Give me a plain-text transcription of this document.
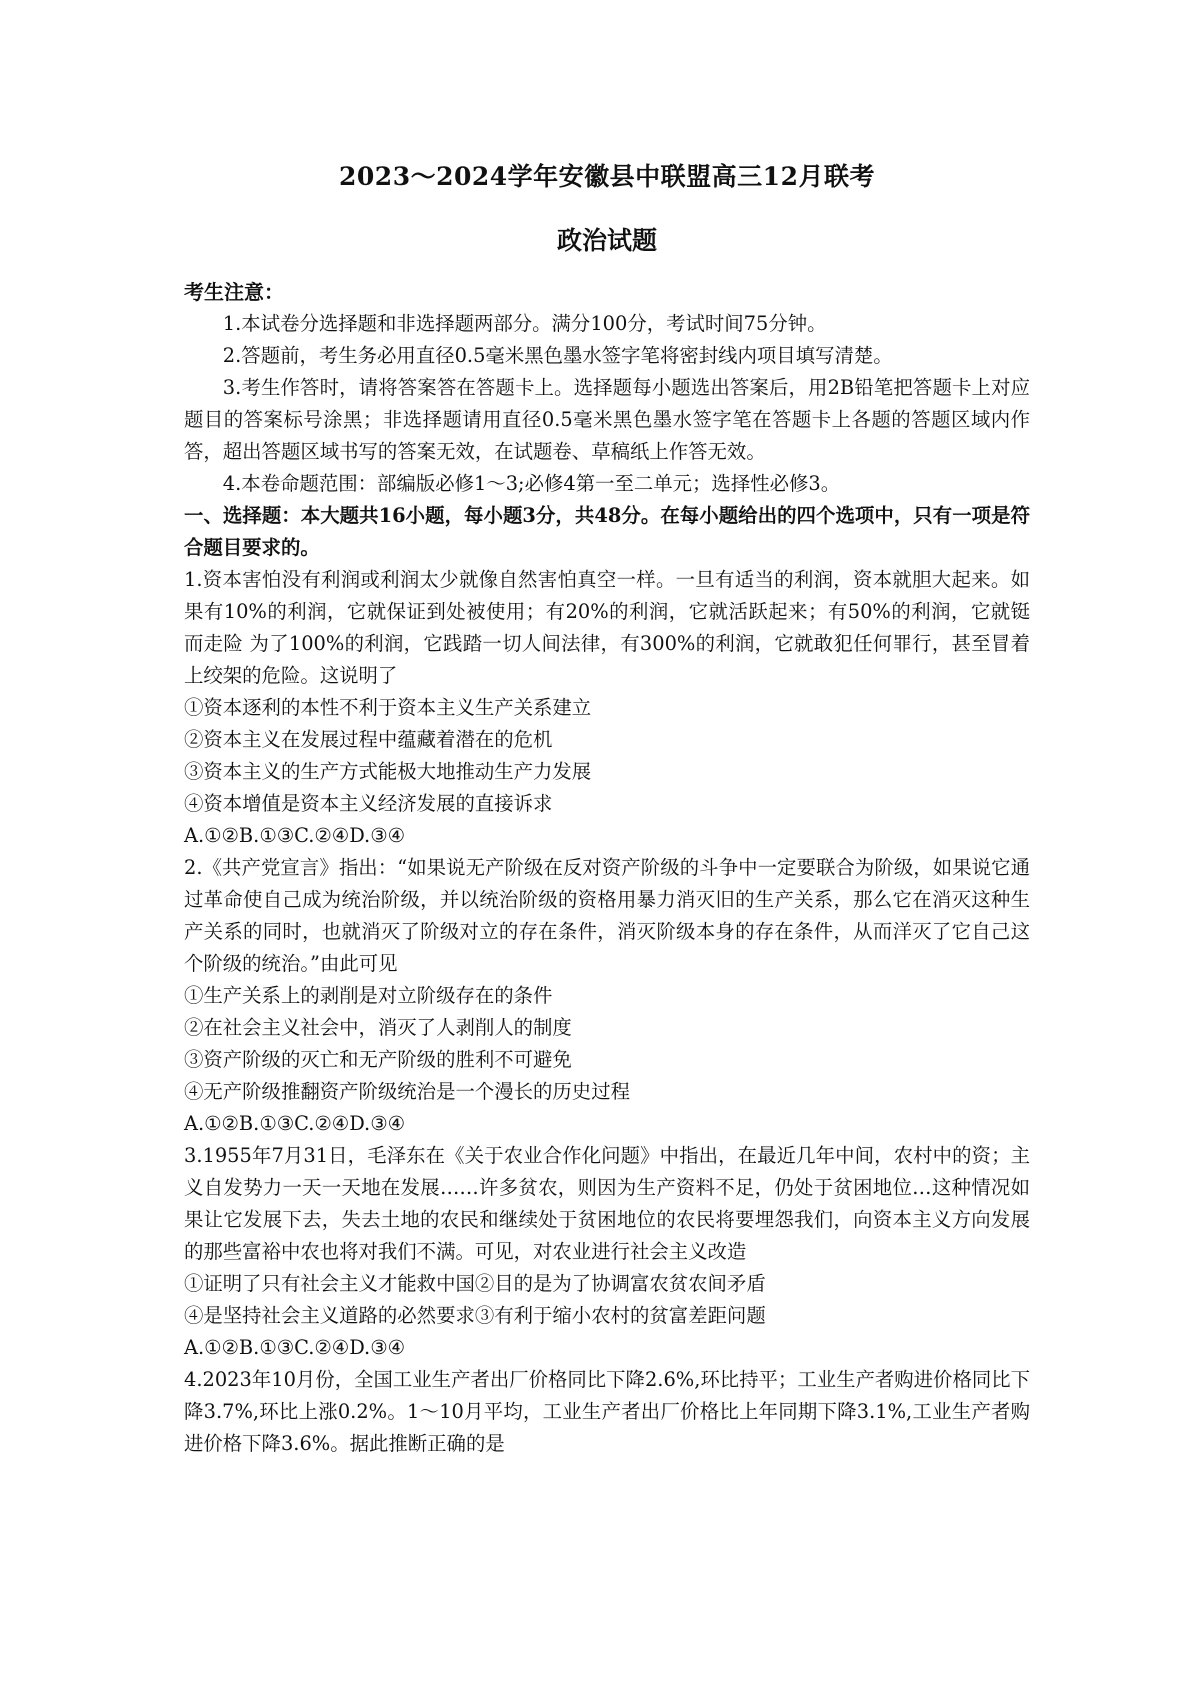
2023～2024学年安徽县中联盟高三12月联考
政治试题
考生注意：
1.本试卷分选择题和非选择题两部分。满分100分，考试时间75分钟。
2.答题前，考生务必用直径0.5毫米黑色墨水签字笔将密封线内项目填写清楚。
3.考生作答时，请将答案答在答题卡上。选择题每小题选出答案后，用2B铅笔把答题卡上对应题目的答案标号涂黑；非选择题请用直径0.5毫米黑色墨水签字笔在答题卡上各题的答题区域内作答，超出答题区域书写的答案无效，在试题卷、草稿纸上作答无效。
4.本卷命题范围：部编版必修1～3;必修4第一至二单元；选择性必修3。
一、选择题：本大题共16小题，每小题3分，共48分。在每小题给出的四个选项中，只有一项是符合题目要求的。
1.资本害怕没有利润或利润太少就像自然害怕真空一样。一旦有适当的利润，资本就胆大起来。如果有10%的利润，它就保证到处被使用；有20%的利润，它就活跃起来；有50%的利润，它就铤而走险 为了100%的利润，它践踏一切人间法律，有300%的利润，它就敢犯任何罪行，甚至冒着上绞架的危险。这说明了
①资本逐利的本性不利于资本主义生产关系建立
②资本主义在发展过程中蕴藏着潜在的危机
③资本主义的生产方式能极大地推动生产力发展
④资本增值是资本主义经济发展的直接诉求
A.①②B.①③C.②④D.③④
2.《共产党宣言》指出：“如果说无产阶级在反对资产阶级的斗争中一定要联合为阶级，如果说它通过革命使自己成为统治阶级，并以统治阶级的资格用暴力消灭旧的生产关系，那么它在消灭这种生产关系的同时，也就消灭了阶级对立的存在条件，消灭阶级本身的存在条件，从而洋灭了它自己这个阶级的统治。”由此可见
①生产关系上的剥削是对立阶级存在的条件
②在社会主义社会中，消灭了人剥削人的制度
③资产阶级的灭亡和无产阶级的胜利不可避免
④无产阶级推翻资产阶级统治是一个漫长的历史过程
A.①②B.①③C.②④D.③④
3.1955年7月31日，毛泽东在《关于农业合作化问题》中指出，在最近几年中间，农村中的资；主义自发势力一天一天地在发展……许多贫农，则因为生产资料不足，仍处于贫困地位…这种情况如果让它发展下去，失去土地的农民和继续处于贫困地位的农民将要埋怨我们，向资本主义方向发展的那些富裕中农也将对我们不满。可见，对农业进行社会主义改造
①证明了只有社会主义才能救中国②目的是为了协调富农贫农间矛盾
④是坚持社会主义道路的必然要求③有利于缩小农村的贫富差距问题
A.①②B.①③C.②④D.③④
4.2023年10月份，全国工业生产者出厂价格同比下降2.6%,环比持平；工业生产者购进价格同比下降3.7%,环比上涨0.2%。1～10月平均，工业生产者出厂价格比上年同期下降3.1%,工业生产者购进价格下降3.6%。据此推断正确的是
